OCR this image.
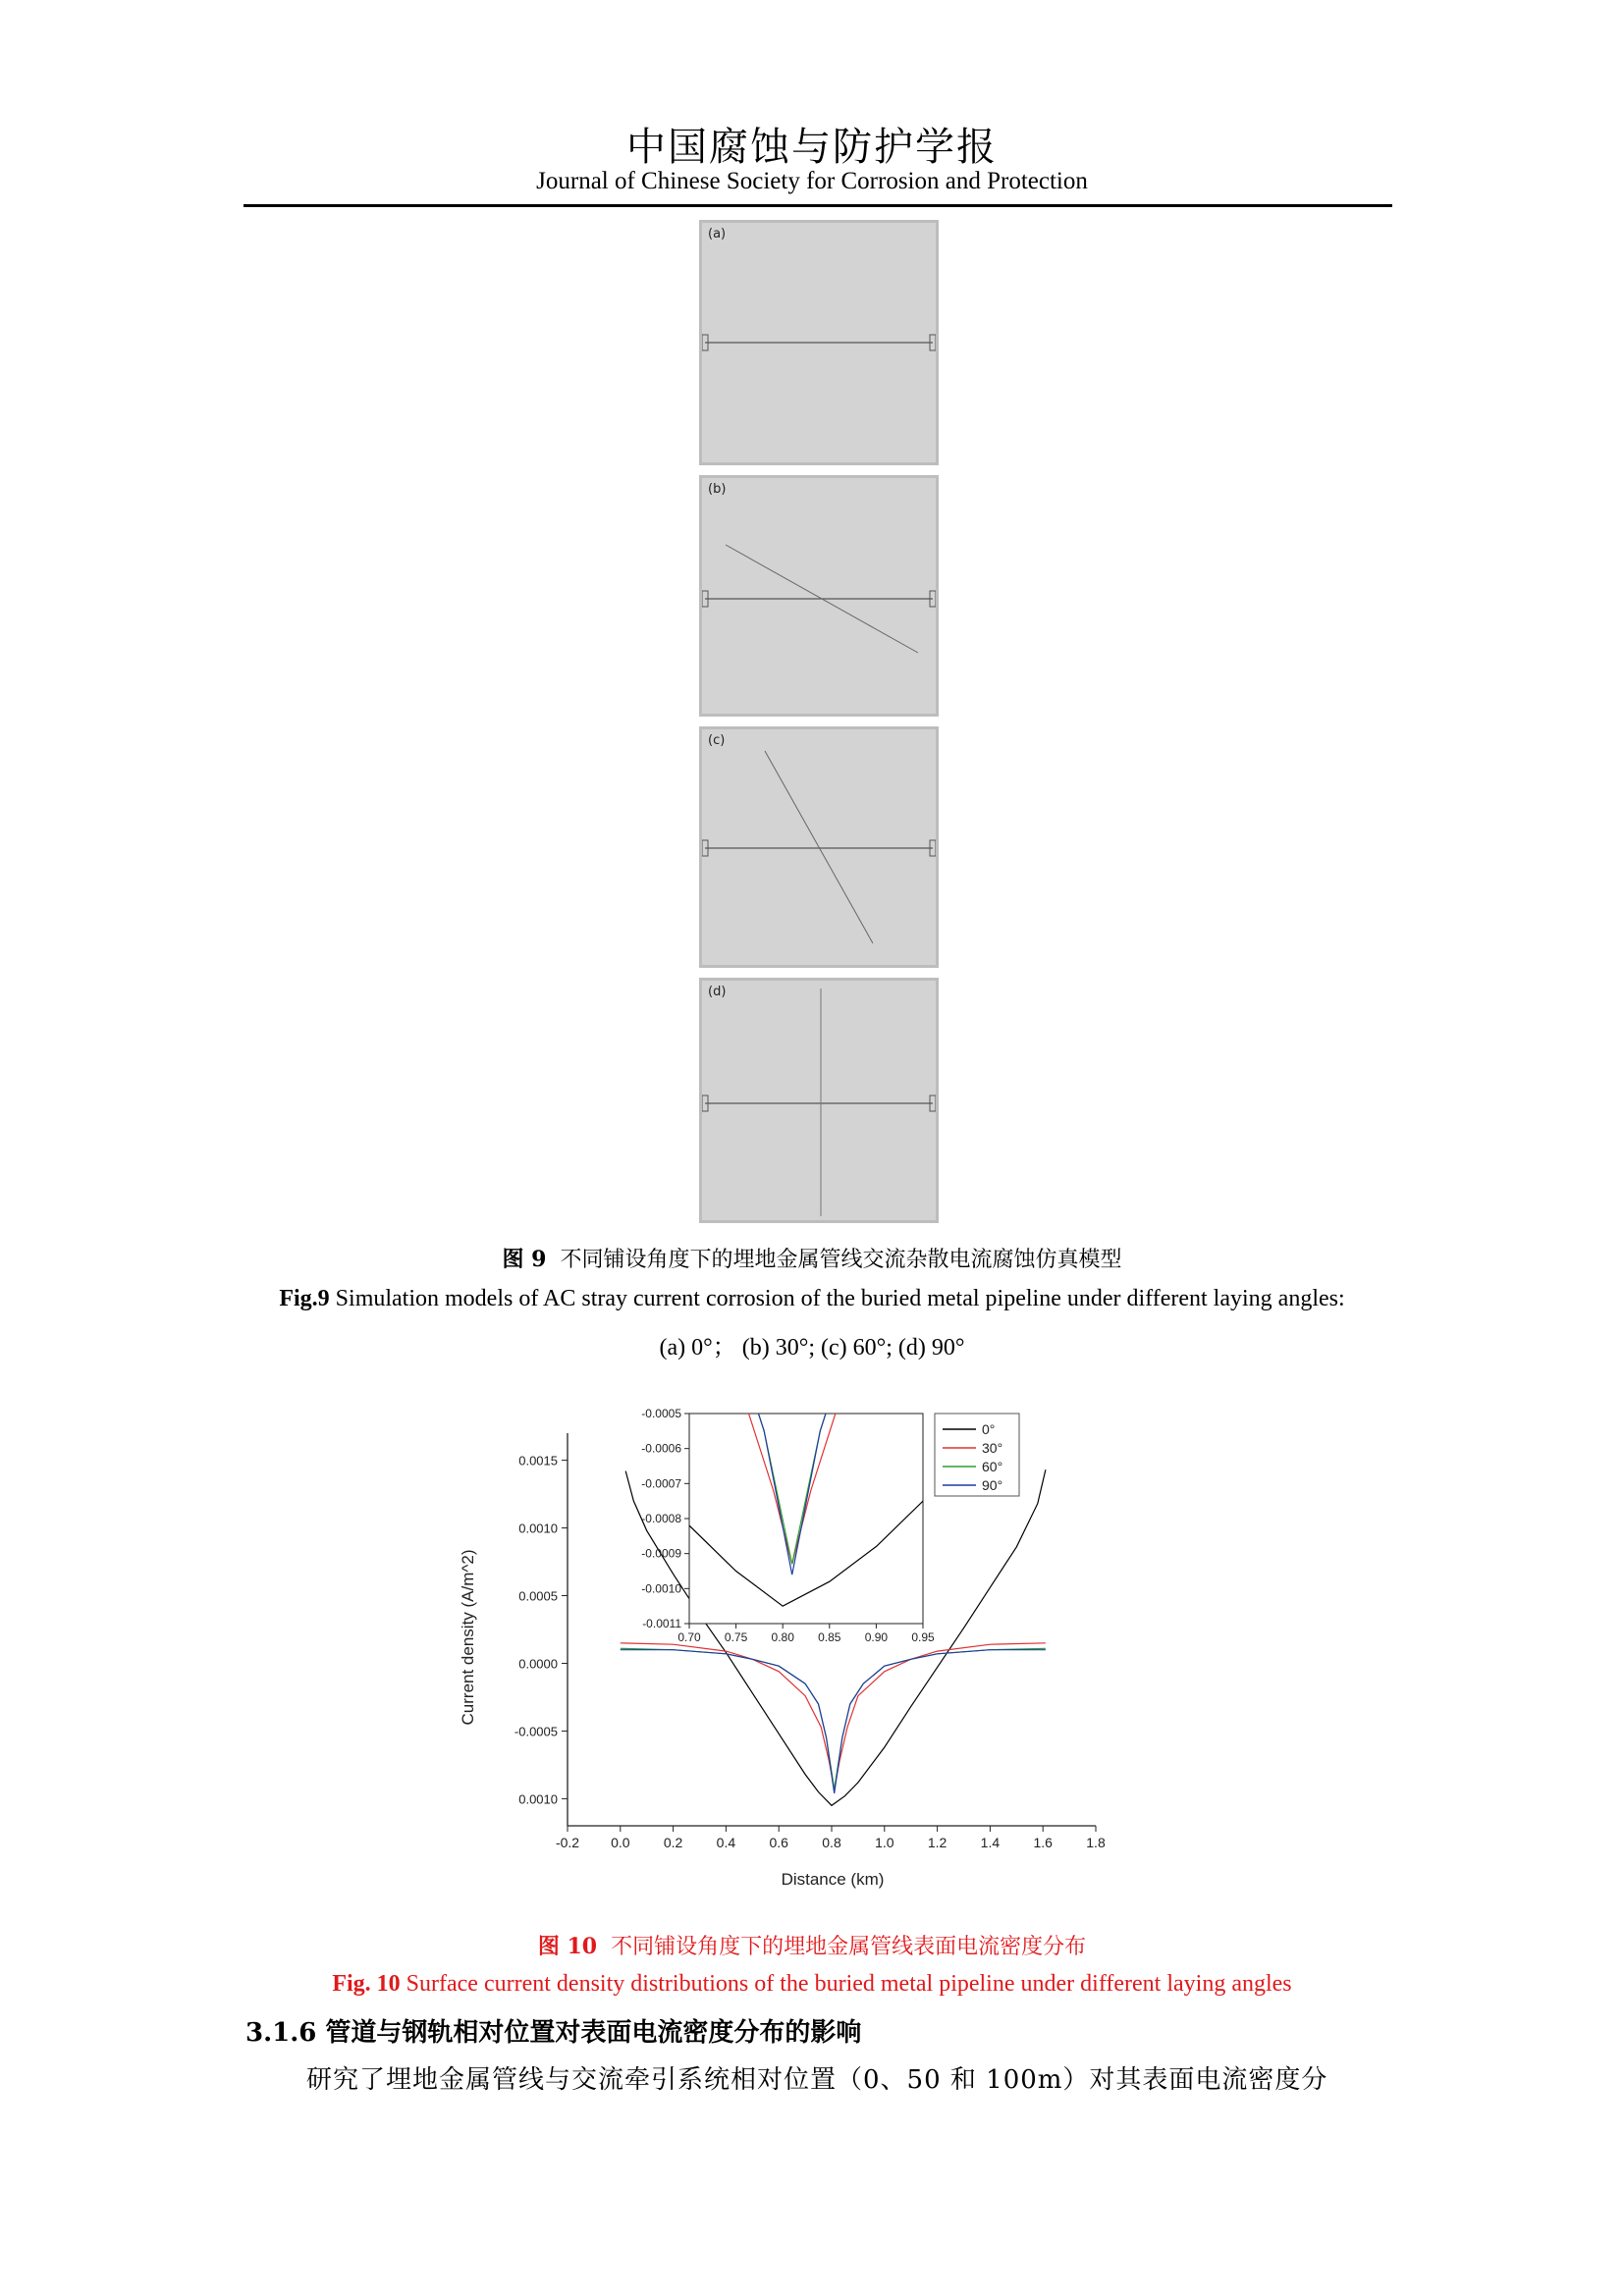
中国腐蚀与防护学报
Journal of Chinese Society for Corrosion and Protection
(a)
(b)
(c)
(d)
图 9 不同铺设角度下的埋地金属管线交流杂散电流腐蚀仿真模型
Fig.9 Simulation models of AC stray current corrosion of the buried metal pipeline under different laying angles:
(a) 0°； (b) 30°; (c) 60°; (d) 90°
-0.2 0.0 0.2 0.4 0.6 0.8 1.0 1.2 1.4 1.6 1.8
0.0015
0.0010
0.0005
0.0000
-0.0005
0.0010
-0.0005
-0.0006
-0.0007
-0.0008
-0.0009
-0.0010
-0.0011
0.70 0.75 0.80 0.85 0.90 0.95
0°
30°
60°
90°
Distance (km)
Current density (A/m^2)
图 10 不同铺设角度下的埋地金属管线表面电流密度分布
Fig. 10 Surface current density distributions of the buried metal pipeline under different laying angles
3.1.6 管道与钢轨相对位置对表面电流密度分布的影响
研究了埋地金属管线与交流牵引系统相对位置（0、50 和 100m）对其表面电流密度分
